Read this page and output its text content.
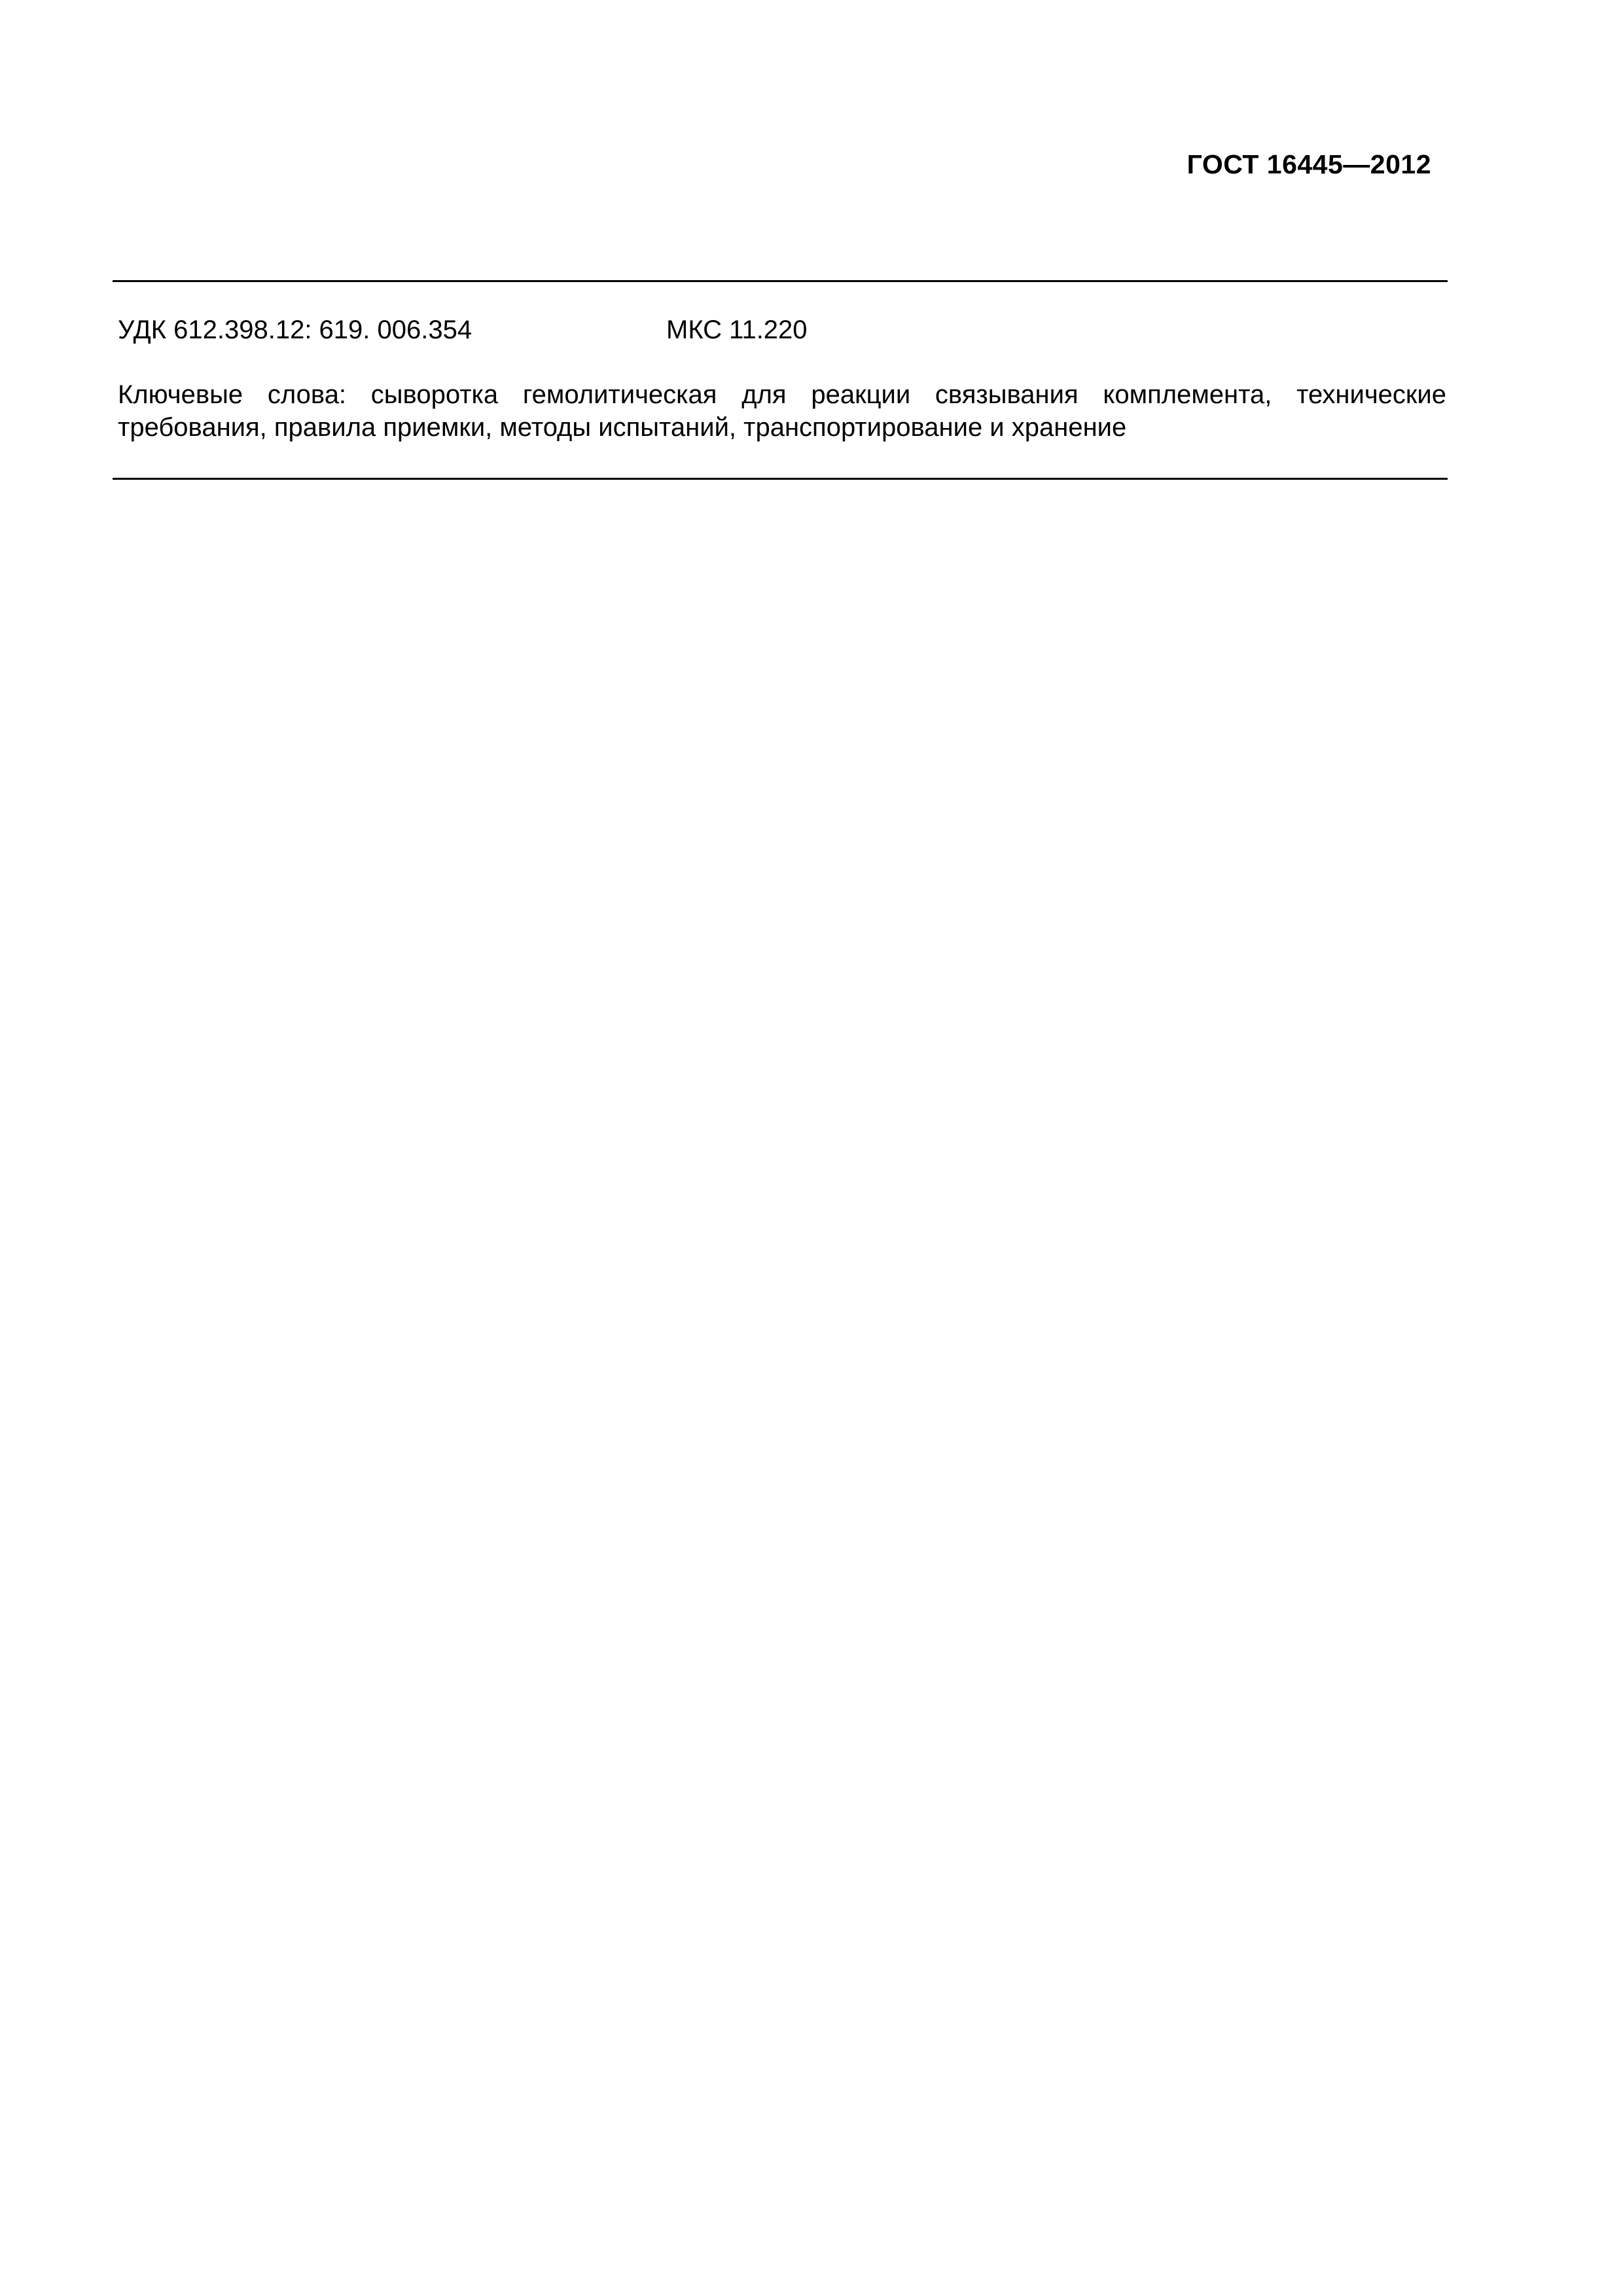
ГОСТ 16445—2012
УДК 612.398.12: 619. 006.354	МКС 11.220

Ключевые слова: сыворотка гемолитическая для реакции связывания комплемента, технические требования, правила приемки, методы испытаний, транспортирование и хранение
